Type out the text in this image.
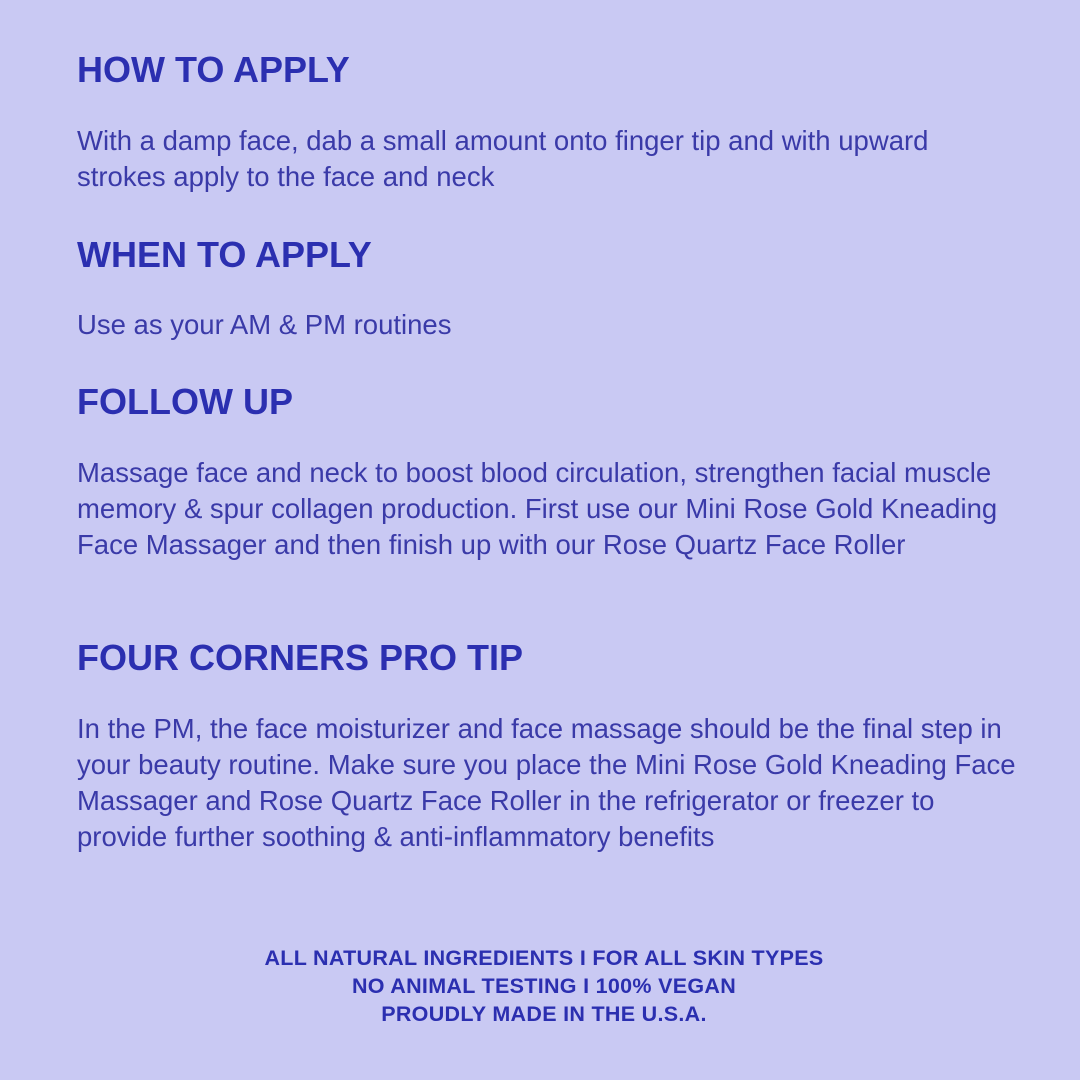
HOW TO APPLY

With a damp face, dab a small amount onto finger tip and with upward strokes apply to the face and neck

WHEN TO APPLY

Use as your AM & PM routines

FOLLOW UP

Massage face and neck to boost blood circulation, strengthen facial muscle memory & spur collagen production. First use our Mini Rose Gold Kneading Face Massager and then finish up with our Rose Quartz Face Roller

FOUR CORNERS PRO TIP

In the PM, the face moisturizer and face massage should be the final step in your beauty routine. Make sure you place the Mini Rose Gold Kneading Face Massager and Rose Quartz Face Roller in the refrigerator or freezer to provide further soothing & anti-inflammatory benefits

ALL NATURAL INGREDIENTS I FOR ALL SKIN TYPES
NO ANIMAL TESTING I 100% VEGAN
PROUDLY MADE IN THE U.S.A.
